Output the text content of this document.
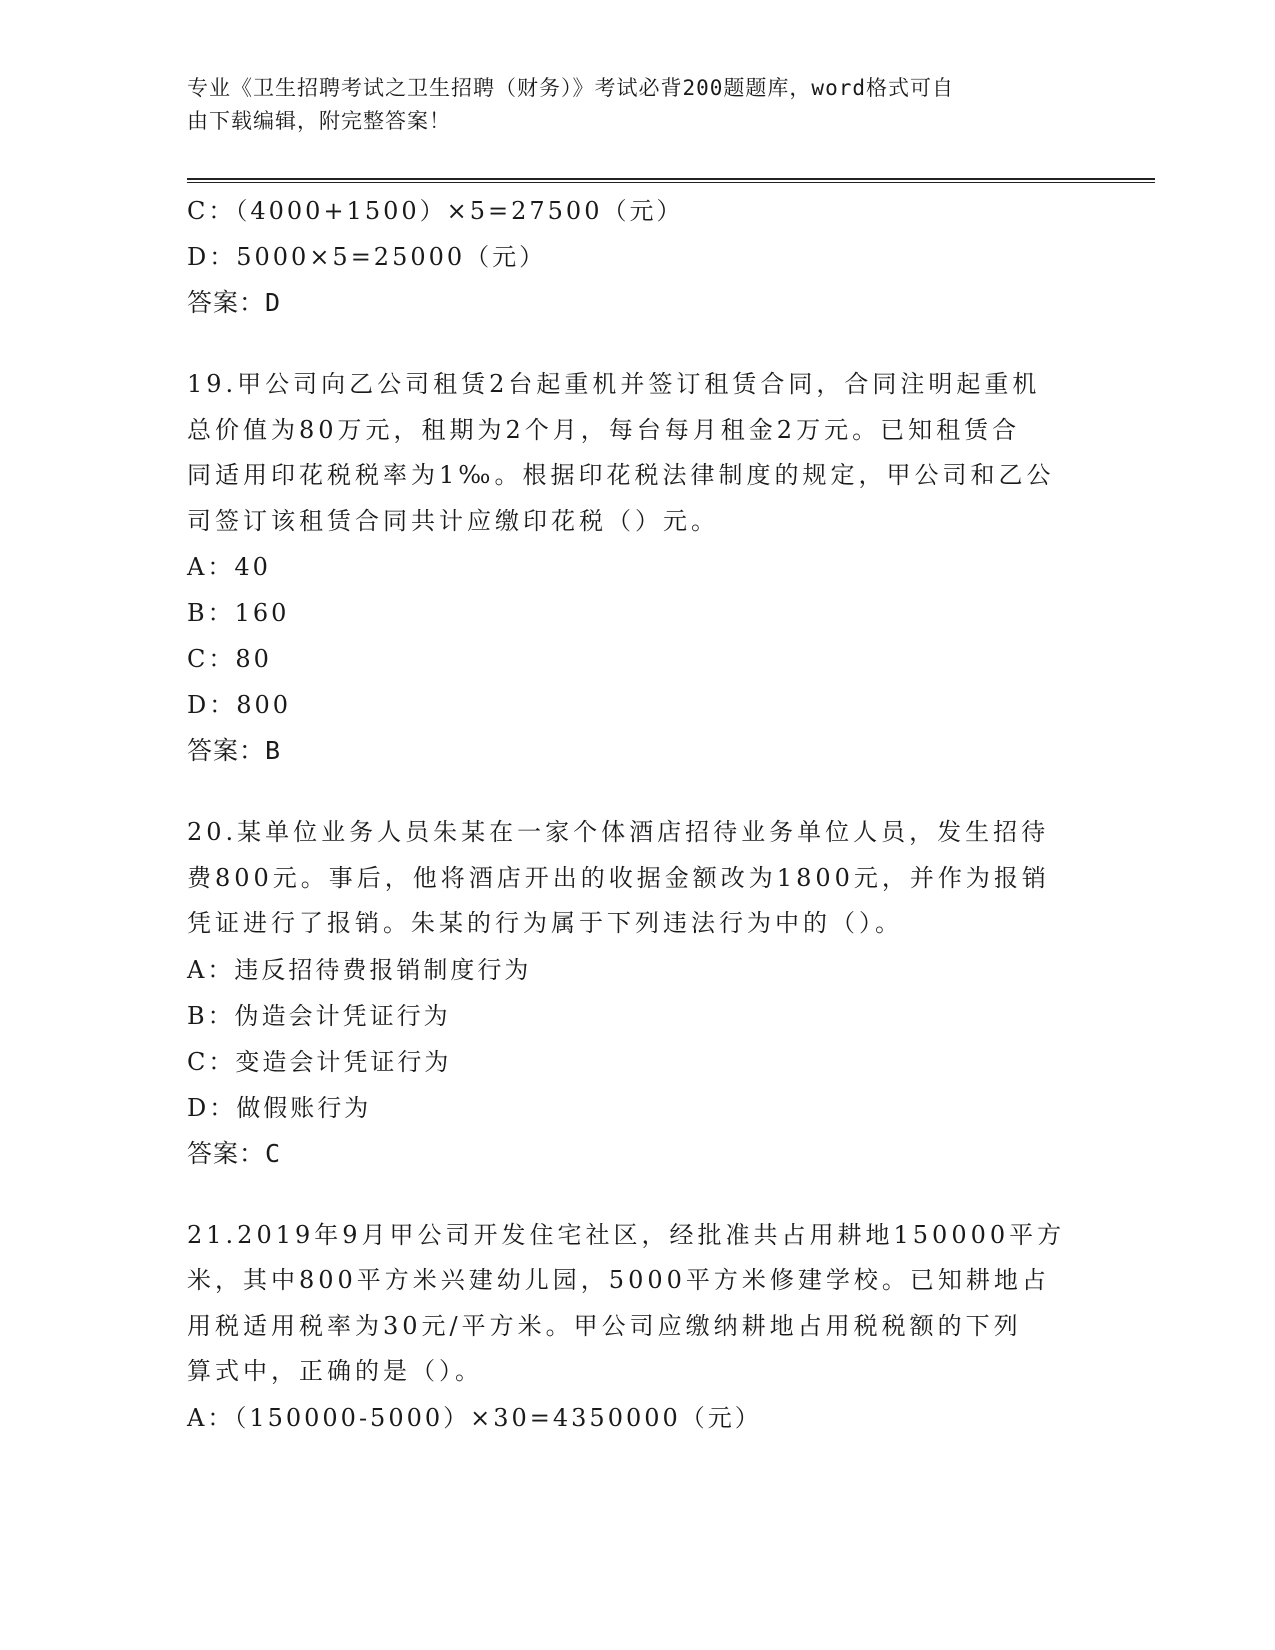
专业《卫生招聘考试之卫生招聘（财务）》考试必背200题题库，word格式可自
由下载编辑，附完整答案！
C：（4000+1500）×5=27500（元）
D：5000×5=25000（元）
答案：D
19.甲公司向乙公司租赁2台起重机并签订租赁合同，合同注明起重机
总价值为80万元，租期为2个月，每台每月租金2万元。已知租赁合
同适用印花税税率为1‰。根据印花税法律制度的规定，甲公司和乙公
司签订该租赁合同共计应缴印花税（）元。
A：40
B：160
C：80
D：800
答案：B
20.某单位业务人员朱某在一家个体酒店招待业务单位人员，发生招待
费800元。事后，他将酒店开出的收据金额改为1800元，并作为报销
凭证进行了报销。朱某的行为属于下列违法行为中的（）。
A：违反招待费报销制度行为
B：伪造会计凭证行为
C：变造会计凭证行为
D：做假账行为
答案：C
21.2019年9月甲公司开发住宅社区，经批准共占用耕地150000平方
米，其中800平方米兴建幼儿园，5000平方米修建学校。已知耕地占
用税适用税率为30元/平方米。甲公司应缴纳耕地占用税税额的下列
算式中，正确的是（）。
A：（150000-5000）×30=4350000（元）
